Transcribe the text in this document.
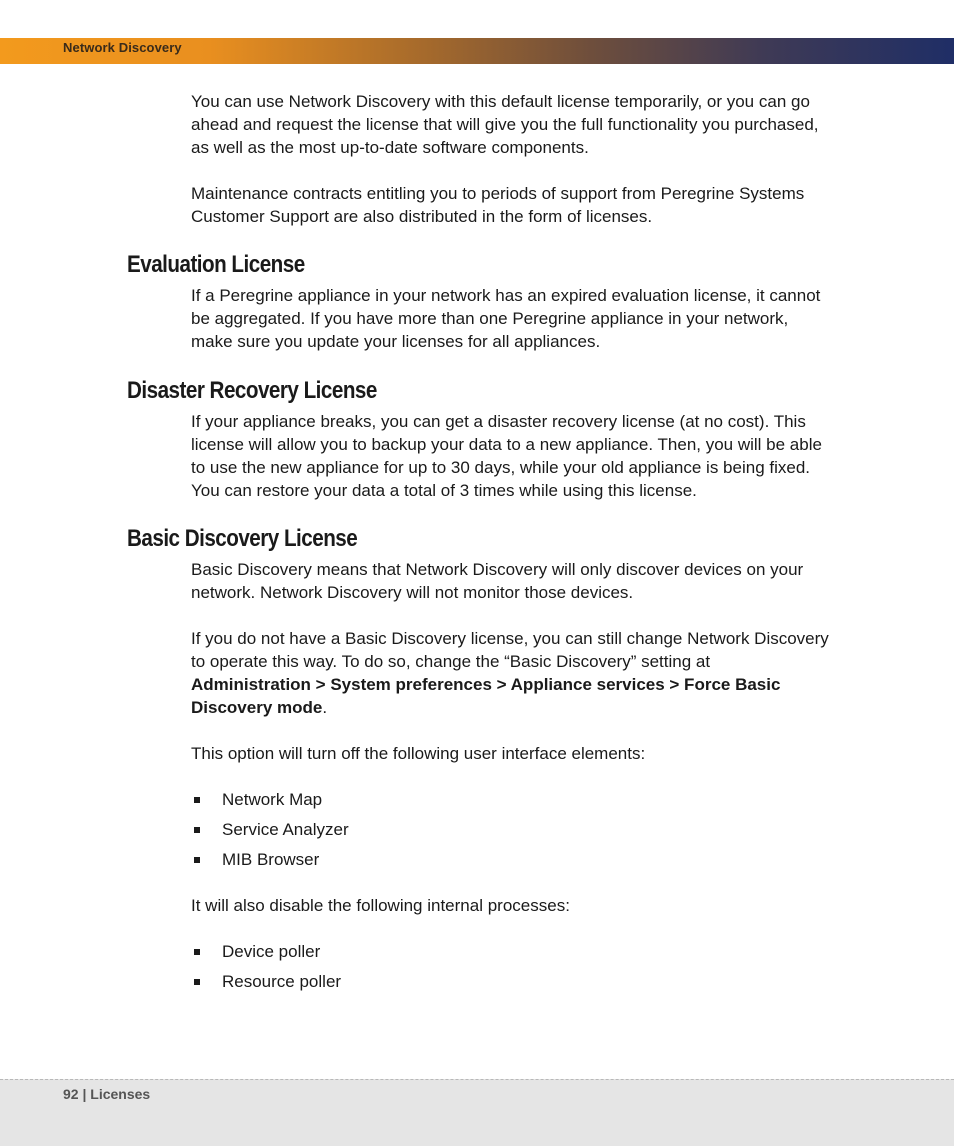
Network Discovery

You can use Network Discovery with this default license temporarily, or you can go ahead and request the license that will give you the full functionality you purchased, as well as the most up-to-date software components.

Maintenance contracts entitling you to periods of support from Peregrine Systems Customer Support are also distributed in the form of licenses.

Evaluation License

If a Peregrine appliance in your network has an expired evaluation license, it cannot be aggregated. If you have more than one Peregrine appliance in your network, make sure you update your licenses for all appliances.

Disaster Recovery License

If your appliance breaks, you can get a disaster recovery license (at no cost). This license will allow you to backup your data to a new appliance. Then, you will be able to use the new appliance for up to 30 days, while your old appliance is being fixed. You can restore your data a total of 3 times while using this license.

Basic Discovery License

Basic Discovery means that Network Discovery will only discover devices on your network. Network Discovery will not monitor those devices.

If you do not have a Basic Discovery license, you can still change Network Discovery to operate this way. To do so, change the “Basic Discovery” setting at Administration > System preferences > Appliance services > Force Basic Discovery mode.

This option will turn off the following user interface elements:

Network Map
Service Analyzer
MIB Browser

It will also disable the following internal processes:

Device poller
Resource poller
92 | Licenses
